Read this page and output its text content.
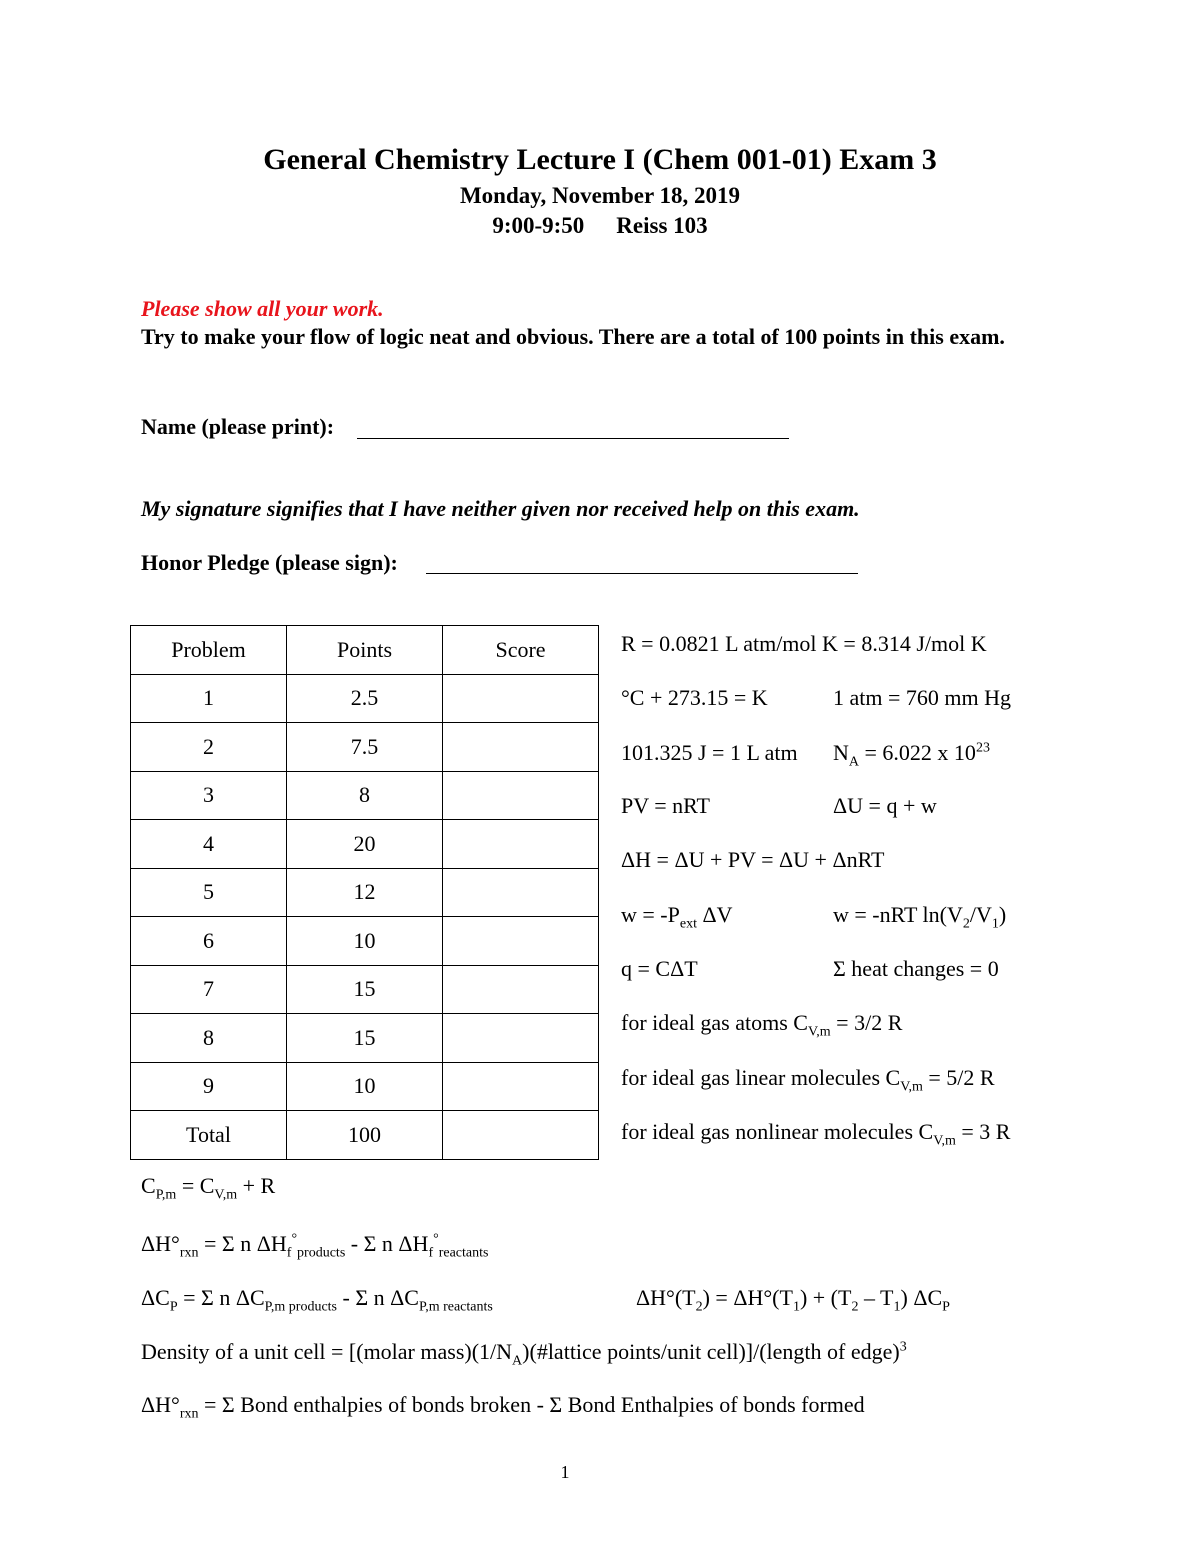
General Chemistry Lecture I (Chem 001-01) Exam 3
Monday, November 18, 2019
9:00-9:50 Reiss 103
Please show all your work.
Try to make your flow of logic neat and obvious. There are a total of 100 points in this exam.
Name (please print):
My signature signifies that I have neither given nor received help on this exam.
Honor Pledge (please sign):
Problem	Points	Score
1	2.5	
2	7.5	
3	8	
4	20	
5	12	
6	10	
7	15	
8	15	
9	10	
Total	100	
R = 0.0821 L atm/mol K = 8.314 J/mol K
°C + 273.15 = K	1 atm = 760 mm Hg
101.325 J = 1 L atm $N_A = 6.022$ x $10^{23}$
PV = nRT	ΔU = q + w
ΔH = ΔU + PV = ΔU + ΔnRT
$w = -P_{ext}$ ΔV	w = -nRT $\ln(V_2/V_1)$
q = CΔT	Σ heat changes = 0
for ideal gas atoms $C_{V,m} = 3/2$ R
for ideal gas linear molecules $C_{V,m} = 5/2$ R
for ideal gas nonlinear molecules $C_{V,m} = 3$ R
$C_{P,m} = C_{V,m} + R$
$\Delta H^\circ_{rxn} = \Sigma$ n $\Delta H_f^\circ_{products}$ - Σ n $\Delta H_f^\circ_{reactants}$
$\Delta C_P = \Sigma$ n $\Delta C_{P,m products}$ - Σ n $\Delta C_{P,m reactants}$	$\Delta H^\circ(T_2) = \Delta H^\circ(T_1) + (T_2 - T_1)$ $\Delta C_P$
Density of a unit cell = [(molar $mass)(1/N_A)(\#lattice$ points/unit cell)]/(length of edge)$^3$
$\Delta H^\circ_{rxn} = \Sigma$ Bond enthalpies of bonds broken - Σ Bond Enthalpies of bonds formed
1
